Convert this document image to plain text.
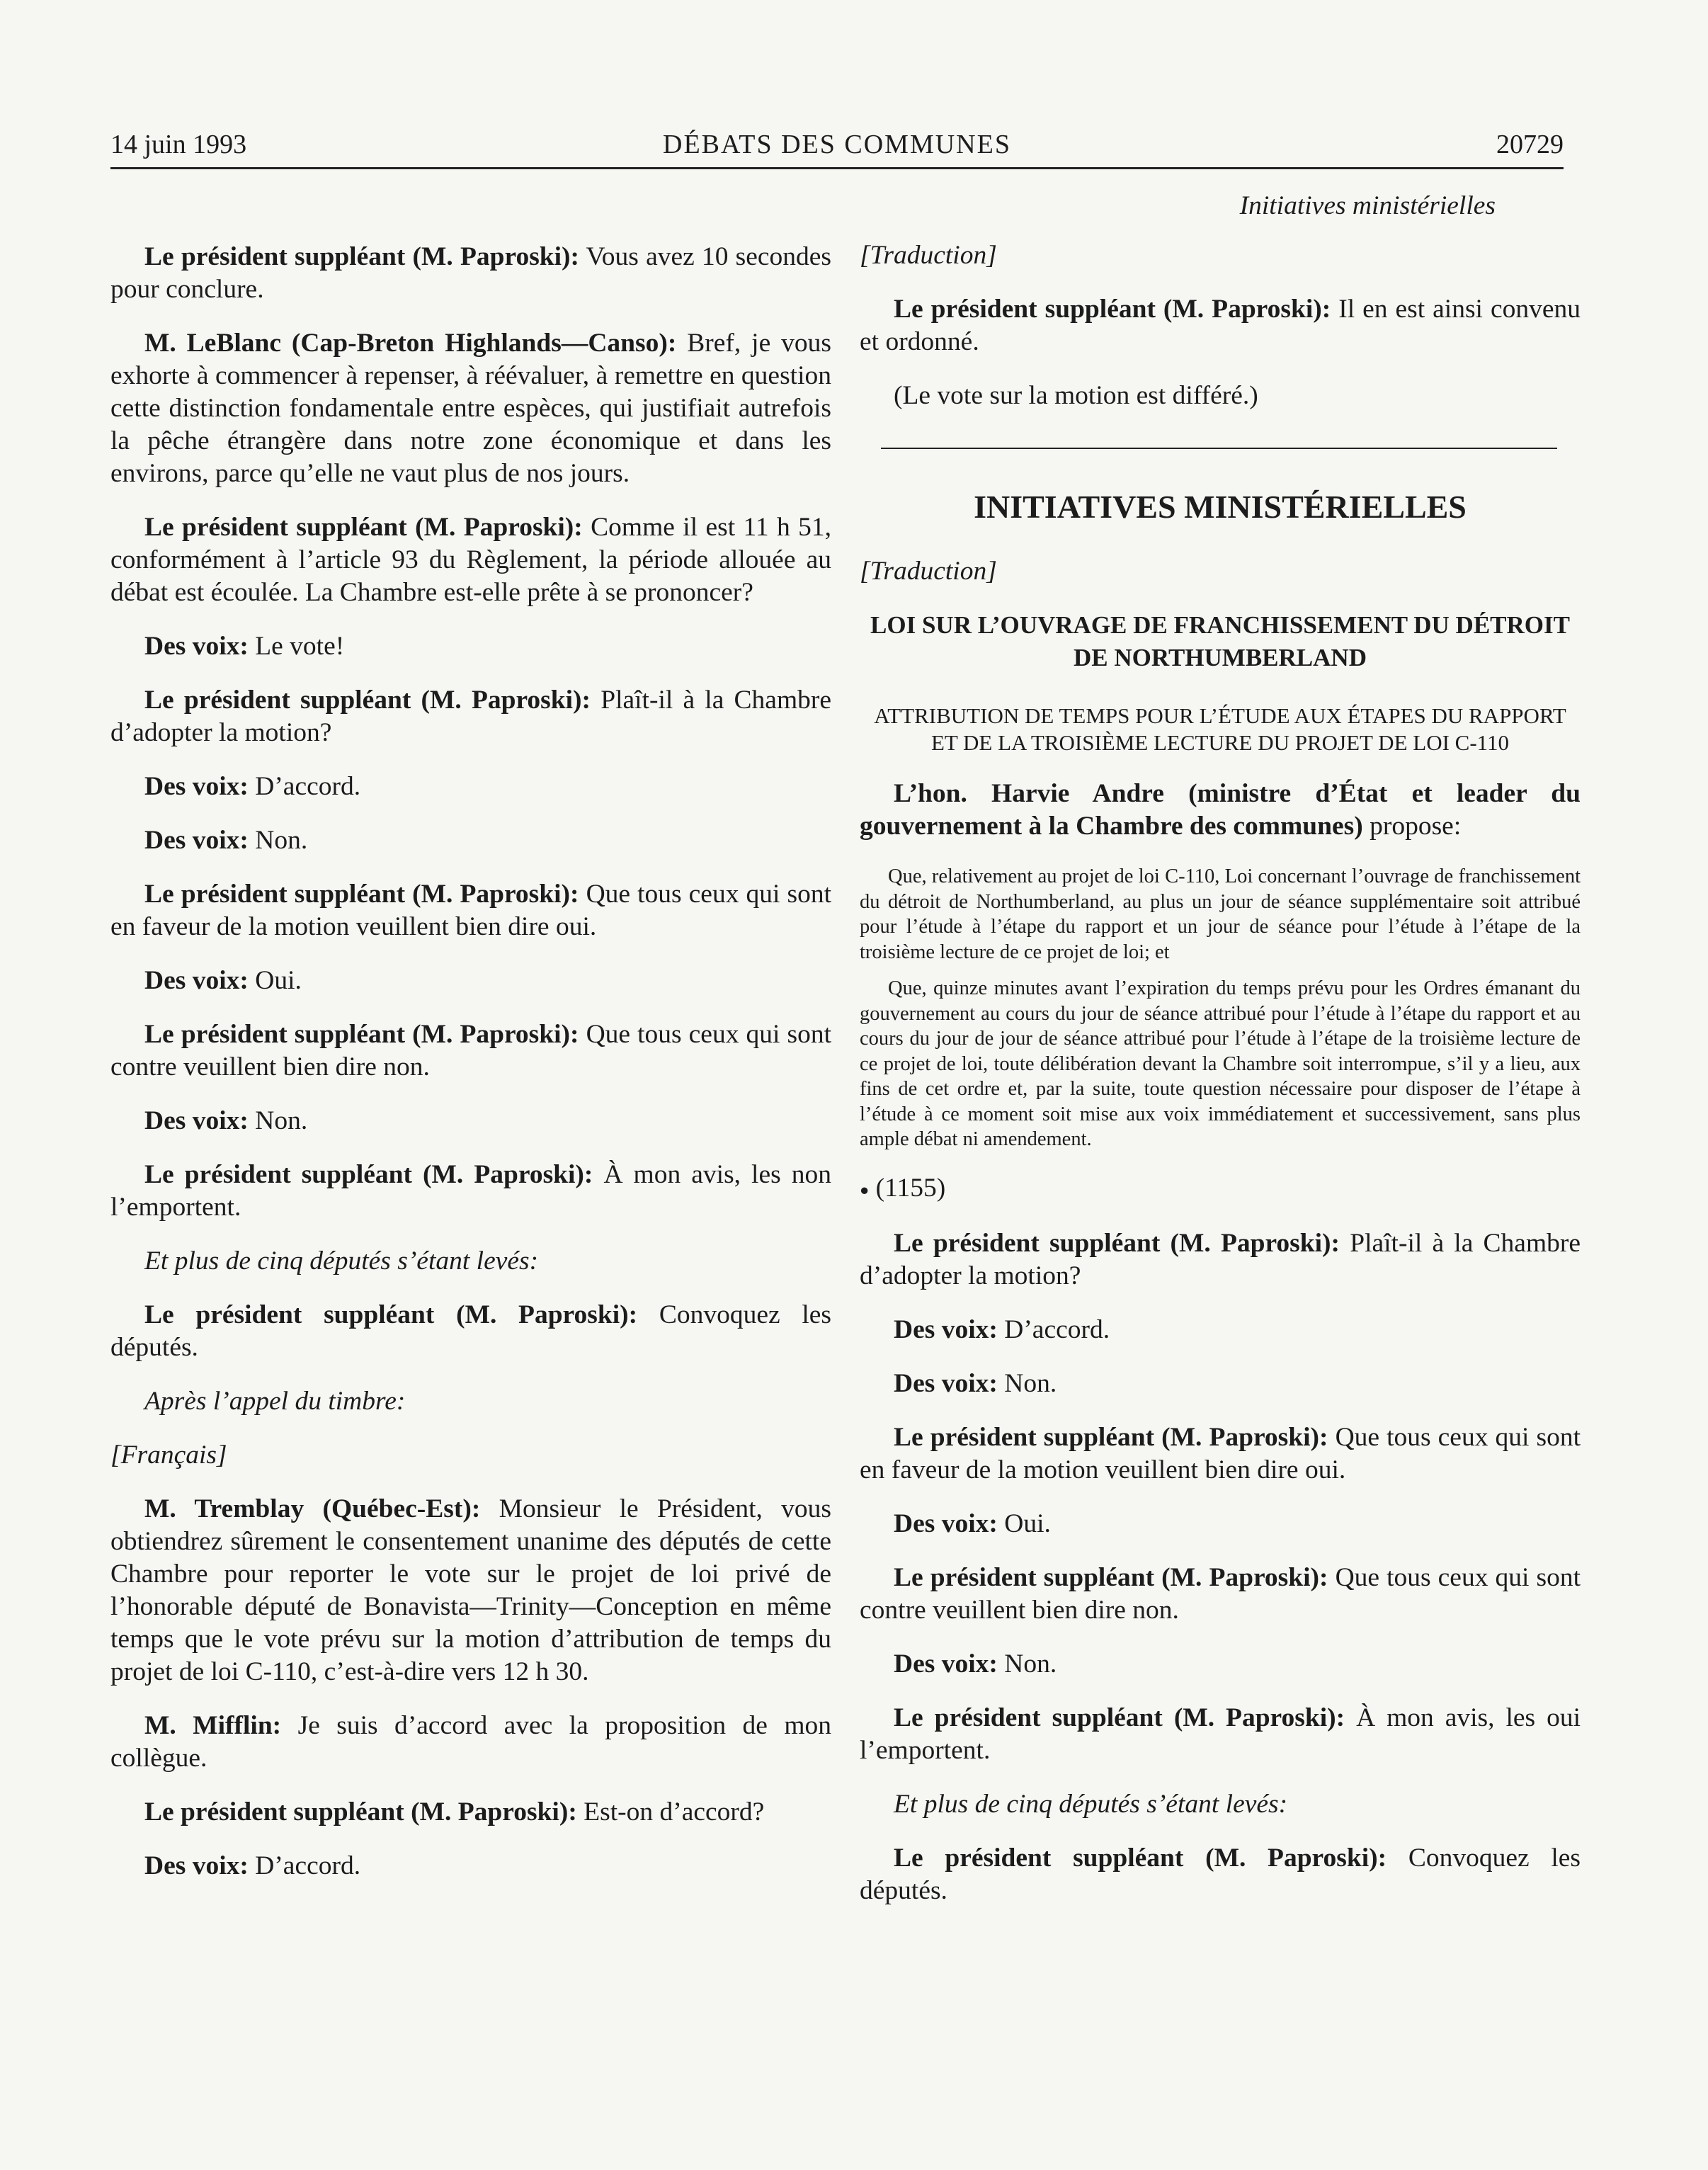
14 juin 1993	DÉBATS DES COMMUNES	20729

Le président suppléant (M. Paproski): Vous avez 10 secondes pour conclure.

M. LeBlanc (Cap-Breton Highlands—Canso): Bref, je vous exhorte à commencer à repenser, à réévaluer, à remettre en question cette distinction fondamentale entre espèces, qui justifiait autrefois la pêche étrangère dans notre zone économique et dans les environs, parce qu’elle ne vaut plus de nos jours.

Le président suppléant (M. Paproski): Comme il est 11 h 51, conformément à l’article 93 du Règlement, la période allouée au débat est écoulée. La Chambre est-elle prête à se prononcer?

Des voix: Le vote!

Le président suppléant (M. Paproski): Plaît-il à la Chambre d’adopter la motion?

Des voix: D’accord.

Des voix: Non.

Le président suppléant (M. Paproski): Que tous ceux qui sont en faveur de la motion veuillent bien dire oui.

Des voix: Oui.

Le président suppléant (M. Paproski): Que tous ceux qui sont contre veuillent bien dire non.

Des voix: Non.

Le président suppléant (M. Paproski): À mon avis, les non l’emportent.

Et plus de cinq députés s’étant levés:

Le président suppléant (M. Paproski): Convoquez les députés.

Après l’appel du timbre:

[Français]

M. Tremblay (Québec-Est): Monsieur le Président, vous obtiendrez sûrement le consentement unanime des députés de cette Chambre pour reporter le vote sur le projet de loi privé de l’honorable député de Bonavista—Trinity—Conception en même temps que le vote prévu sur la motion d’attribution de temps du projet de loi C-110, c’est-à-dire vers 12 h 30.

M. Mifflin: Je suis d’accord avec la proposition de mon collègue.

Le président suppléant (M. Paproski): Est-on d’accord?

Des voix: D’accord.

Initiatives ministérielles

[Traduction]

Le président suppléant (M. Paproski): Il en est ainsi convenu et ordonné.

(Le vote sur la motion est différé.)

INITIATIVES MINISTÉRIELLES

[Traduction]

LOI SUR L’OUVRAGE DE FRANCHISSEMENT DU DÉTROIT DE NORTHUMBERLAND

ATTRIBUTION DE TEMPS POUR L’ÉTUDE AUX ÉTAPES DU RAPPORT ET DE LA TROISIÈME LECTURE DU PROJET DE LOI C-110

L’hon. Harvie Andre (ministre d’État et leader du gouvernement à la Chambre des communes) propose:

Que, relativement au projet de loi C-110, Loi concernant l’ouvrage de franchissement du détroit de Northumberland, au plus un jour de séance supplémentaire soit attribué pour l’étude à l’étape du rapport et un jour de séance pour l’étude à l’étape de la troisième lecture de ce projet de loi; et

Que, quinze minutes avant l’expiration du temps prévu pour les Ordres émanant du gouvernement au cours du jour de séance attribué pour l’étude à l’étape du rapport et au cours du jour de jour de séance attribué pour l’étude à l’étape de la troisième lecture de ce projet de loi, toute délibération devant la Chambre soit interrompue, s’il y a lieu, aux fins de cet ordre et, par la suite, toute question nécessaire pour disposer de l’étape à l’étude à ce moment soit mise aux voix immédiatement et successivement, sans plus ample débat ni amendement.

● (1155)

Le président suppléant (M. Paproski): Plaît-il à la Chambre d’adopter la motion?

Des voix: D’accord.

Des voix: Non.

Le président suppléant (M. Paproski): Que tous ceux qui sont en faveur de la motion veuillent bien dire oui.

Des voix: Oui.

Le président suppléant (M. Paproski): Que tous ceux qui sont contre veuillent bien dire non.

Des voix: Non.

Le président suppléant (M. Paproski): À mon avis, les oui l’emportent.

Et plus de cinq députés s’étant levés:

Le président suppléant (M. Paproski): Convoquez les députés.
